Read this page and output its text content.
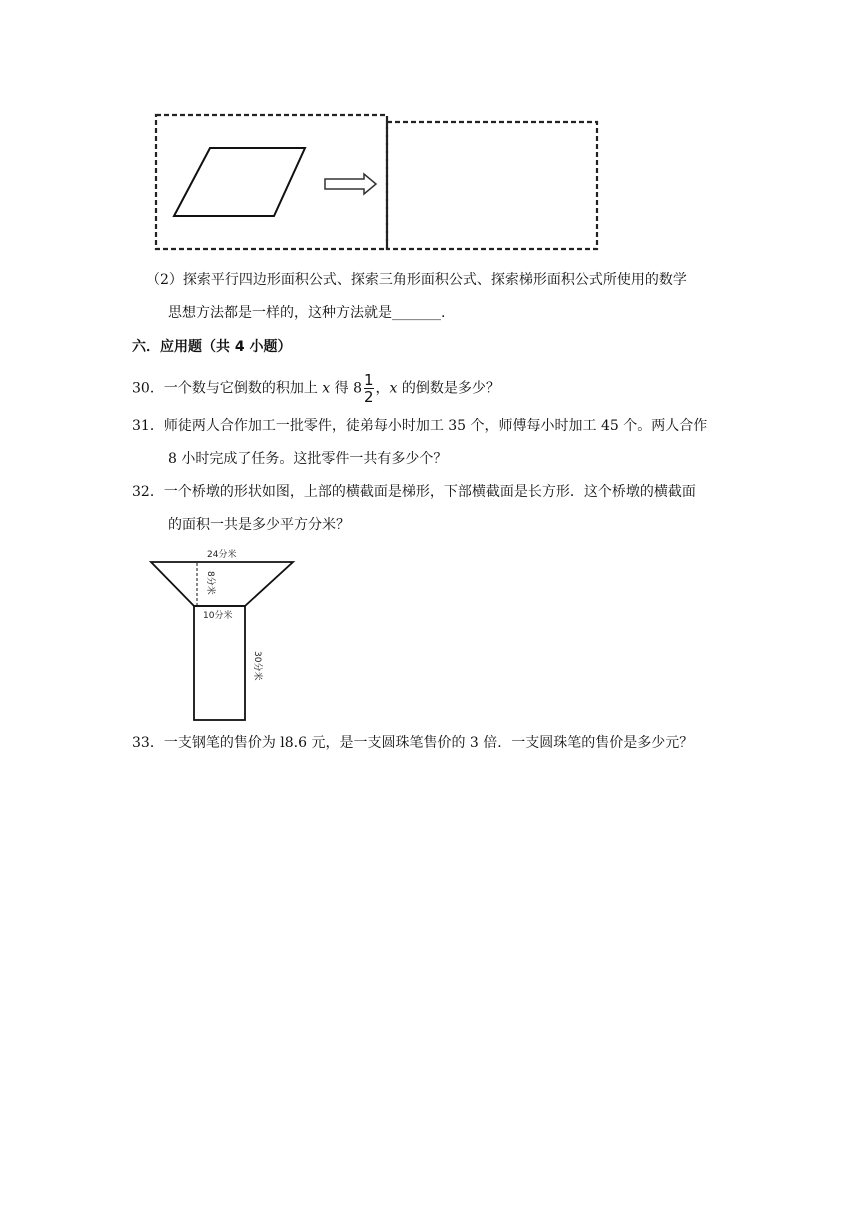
（2）探索平行四边形面积公式、探索三角形面积公式、探索梯形面积公式所使用的数学
思想方法都是一样的，这种方法就是_______.
六．应用题（共 4 小题）
30．一个数与它倒数的积加上 x 得 $8 \frac{1}{2}$ ，x 的倒数是多少？
31．师徒两人合作加工一批零件，徒弟每小时加工 35 个，师傅每小时加工 45 个。两人合作
8 小时完成了任务。这批零件一共有多少个？
32．一个桥墩的形状如图，上部的横截面是梯形，下部横截面是长方形．这个桥墩的横截面
的面积一共是多少平方分米？
24分米
8分米
10分米
30分米
33．一支钢笔的售价为 l8.6 元，是一支圆珠笔售价的 3 倍．一支圆珠笔的售价是多少元？
